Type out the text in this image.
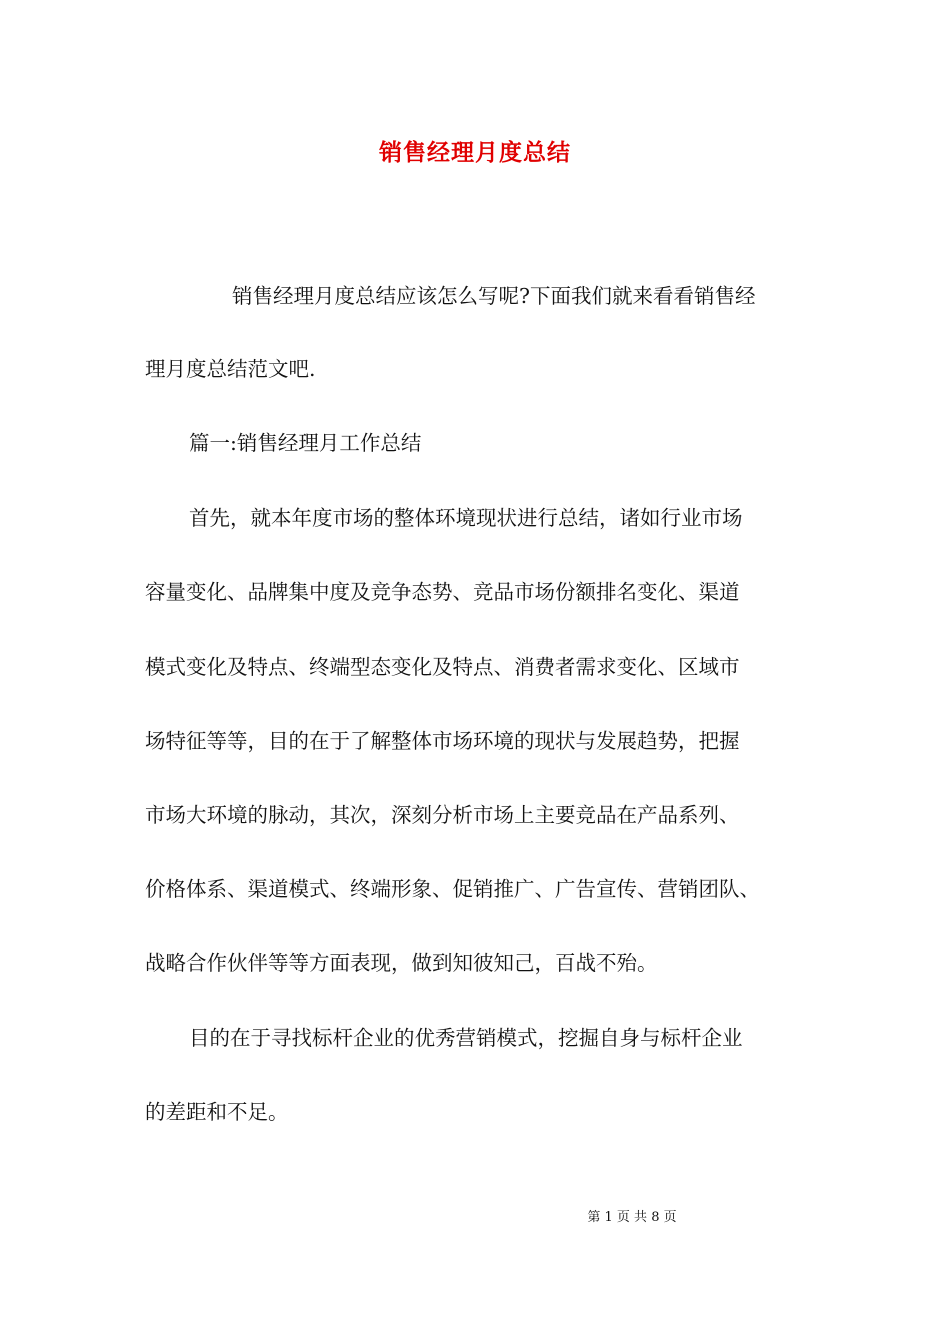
销售经理月度总结

销售经理月度总结应该怎么写呢?下面我们就来看看销售经

理月度总结范文吧.

篇一:销售经理月工作总结

首先，就本年度市场的整体环境现状进行总结，诸如行业市场

容量变化、品牌集中度及竞争态势、竞品市场份额排名变化、渠道

模式变化及特点、终端型态变化及特点、消费者需求变化、区域市

场特征等等，目的在于了解整体市场环境的现状与发展趋势，把握

市场大环境的脉动，其次，深刻分析市场上主要竞品在产品系列、

价格体系、渠道模式、终端形象、促销推广、广告宣传、营销团队、

战略合作伙伴等等方面表现，做到知彼知己，百战不殆。

目的在于寻找标杆企业的优秀营销模式，挖掘自身与标杆企业

的差距和不足。

第 1 页 共 8 页
